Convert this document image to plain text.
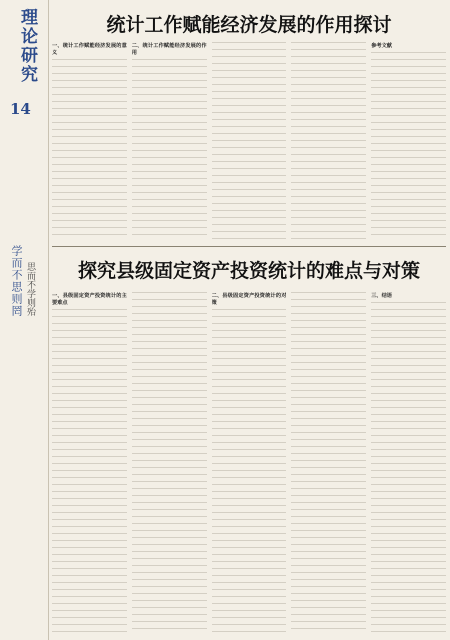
理论研究
14
学而不思则罔 思而不学则殆
统计工作赋能经济发展的作用探讨
一、统计工作赋能经济发展的意义

二、统计工作赋能经济发展的作用

参考文献

探究县级固定资产投资统计的难点与对策
一、县级固定资产投资统计的主要难点

二、县级固定资产投资统计的对策

三、结语
